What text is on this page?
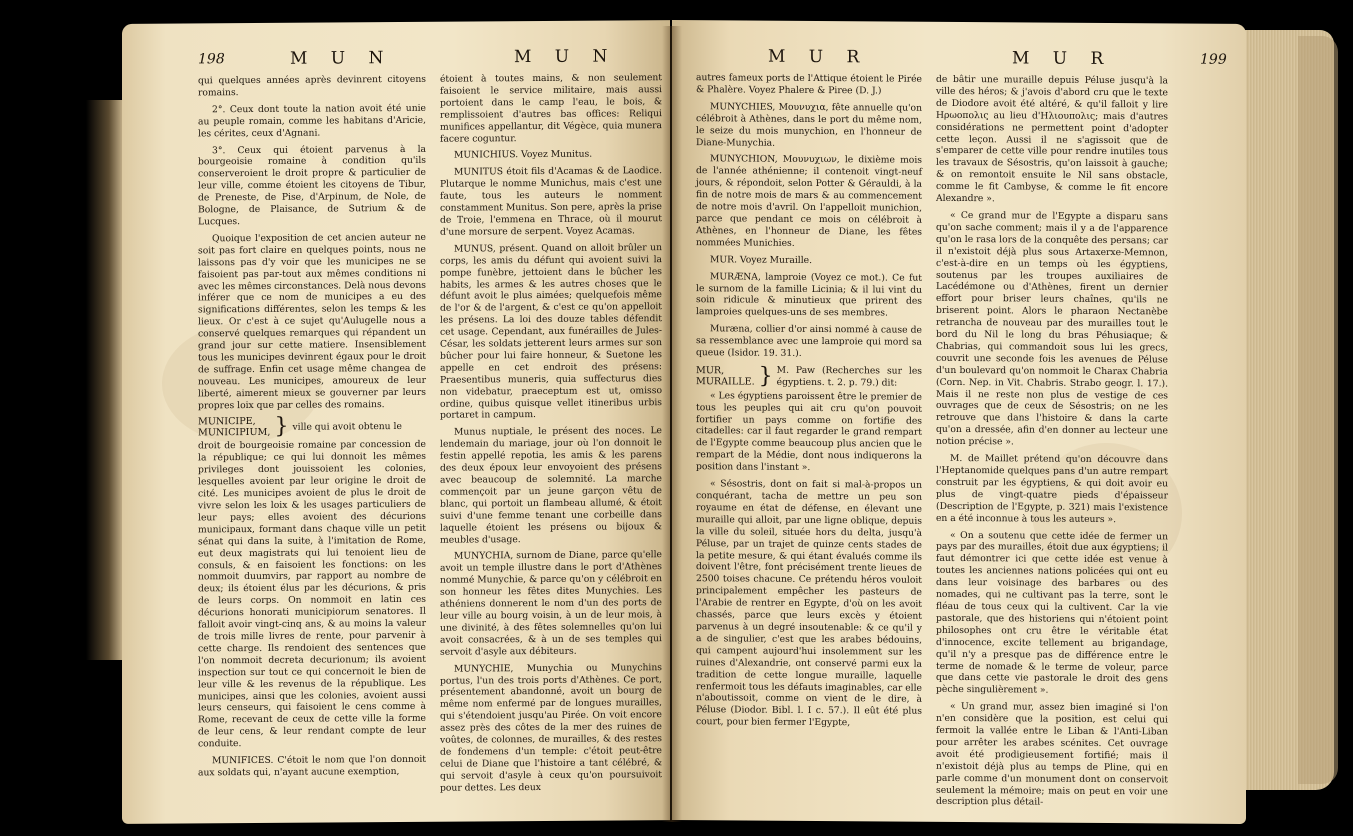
198	M U N	M U N

qui quelques années après devinrent citoyens romains.

2°. Ceux dont toute la nation avoit été unie au peuple romain, comme les habitans d'Aricie, les cérites, ceux d'Agnani.

3°. Ceux qui étoient parvenus à la bourgeoisie romaine à condition qu'ils conserveroient le droit propre & particulier de leur ville, comme étoient les citoyens de Tibur, de Preneste, de Pise, d'Arpinum, de Nole, de Bologne, de Plaisance, de Sutrium & de Lucques.

Quoique l'exposition de cet ancien auteur ne soit pas fort claire en quelques points, nous ne laissons pas d'y voir que les municipes ne se faisoient pas par-tout aux mêmes conditions ni avec les mêmes circonstances. Delà nous devons inférer que ce nom de municipes a eu des significations différentes, selon les temps & les lieux. Or c'est à ce sujet qu'Aulugelle nous a conservé quelques remarques qui répandent un grand jour sur cette matiere. Insensiblement tous les municipes devinrent égaux pour le droit de suffrage. Enfin cet usage même changea de nouveau. Les municipes, amoureux de leur liberté, aimerent mieux se gouverner par leurs propres loix que par celles des romains.

MUNICIPE,
MUNICIPIUM, } ville qui avoit obtenu le

droit de bourgeoisie romaine par concession de la république; ce qui lui donnoit les mêmes privileges dont jouissoient les colonies, lesquelles avoient par leur origine le droit de cité. Les municipes avoient de plus le droit de vivre selon les loix & les usages particuliers de leur pays; elles avoient des décurions municipaux, formant dans chaque ville un petit sénat qui dans la suite, à l'imitation de Rome, eut deux magistrats qui lui tenoient lieu de consuls, & en faisoient les fonctions: on les nommoit duumvirs, par rapport au nombre de deux; ils étoient élus par les décurions, & pris de leurs corps. On nommoit en latin ces décurions honorati municipiorum senatores. Il falloit avoir vingt-cinq ans, & au moins la valeur de trois mille livres de rente, pour parvenir à cette charge. Ils rendoient des sentences que l'on nommoit decreta decurionum; ils avoient inspection sur tout ce qui concernoit le bien de leur ville & les revenus de la république. Les municipes, ainsi que les colonies, avoient aussi leurs censeurs, qui faisoient le cens comme à Rome, recevant de ceux de cette ville la forme de leur cens, & leur rendant compte de leur conduite.

MUNIFICES. C'étoit le nom que l'on donnoit aux soldats qui, n'ayant aucune exemption,

étoient à toutes mains, & non seulement faisoient le service militaire, mais aussi portoient dans le camp l'eau, le bois, & remplissoient d'autres bas offices: Reliqui munifices appellantur, dit Végèce, quia munera facere coguntur.

MUNICHIUS. Voyez Munitus.

MUNITUS étoit fils d'Acamas & de Laodice. Plutarque le nomme Munichus, mais c'est une faute, tous les auteurs le nomment constamment Munitus. Son pere, après la prise de Troie, l'emmena en Thrace, où il mourut d'une morsure de serpent. Voyez Acamas.

MUNUS, présent. Quand on alloit brûler un corps, les amis du défunt qui avoient suivi la pompe funèbre, jettoient dans le bûcher les habits, les armes & les autres choses que le défunt avoit le plus aimées; quelquefois même de l'or & de l'argent, & c'est ce qu'on appelloit les présens. La loi des douze tables défendit cet usage. Cependant, aux funérailles de Jules-César, les soldats jetterent leurs armes sur son bûcher pour lui faire honneur, & Suetone les appelle en cet endroit des présens: Praesentibus muneris, quia suffecturus dies non videbatur, praeceptum est ut, omisso ordine, quibus quisque vellet itineribus urbis portaret in campum.

Munus nuptiale, le présent des noces. Le lendemain du mariage, jour où l'on donnoit le festin appellé repotia, les amis & les parens des deux époux leur envoyoient des présens avec beaucoup de solemnité. La marche commençoit par un jeune garçon vêtu de blanc, qui portoit un flambeau allumé, & étoit suivi d'une femme tenant une corbeille dans laquelle étoient les présens ou bijoux & meubles d'usage.

MUNYCHIA, surnom de Diane, parce qu'elle avoit un temple illustre dans le port d'Athènes nommé Munychie, & parce qu'on y célébroit en son honneur les fêtes dites Munychies. Les athéniens donnerent le nom d'un des ports de leur ville au bourg voisin, à un de leur mois, à une divinité, à des fêtes solemnelles qu'on lui avoit consacrées, & à un de ses temples qui servoit d'asyle aux débiteurs.

MUNYCHIE, Munychia ou Munychins portus, l'un des trois ports d'Athènes. Ce port, présentement abandonné, avoit un bourg de même nom enfermé par de longues murailles, qui s'étendoient jusqu'au Pirée. On voit encore assez près des côtes de la mer des ruines de voûtes, de colonnes, de murailles, & des restes de fondemens d'un temple: c'étoit peut-être celui de Diane que l'histoire a tant célébré, & qui servoit d'asyle à ceux qu'on poursuivoit pour dettes. Les deux

M U R	M U R	199

autres fameux ports de l'Attique étoient le Pirée & Phalère. Voyez Phalere & Piree (D. J.)

MUNYCHIES, Μουνυχια, fête annuelle qu'on célébroit à Athènes, dans le port du même nom, le seize du mois munychion, en l'honneur de Diane-Munychia.

MUNYCHION, Μουνυχιων, le dixième mois de l'année athénienne; il contenoit vingt-neuf jours, & répondoit, selon Potter & Gérauldi, à la fin de notre mois de mars & au commencement de notre mois d'avril. On l'appelloit munichion, parce que pendant ce mois on célébroit à Athènes, en l'honneur de Diane, les fêtes nommées Munichies.

MUR. Voyez Muraille.

MURÆNA, lamproie (Voyez ce mot.). Ce fut le surnom de la famille Licinia; & il lui vint du soin ridicule & minutieux que prirent des lamproies quelques-uns de ses membres.

Muræna, collier d'or ainsi nommé à cause de sa ressemblance avec une lamproie qui mord sa queue (Isidor. 19. 31.).

MUR,
MURAILLE. } M. Paw (Recherches sur les égyptiens. t. 2. p. 79.) dit:

« Les égyptiens paroissent être le premier de tous les peuples qui ait cru qu'on pouvoit fortifier un pays comme on fortifie des citadelles: car il faut regarder le grand rempart de l'Egypte comme beaucoup plus ancien que le rempart de la Médie, dont nous indiquerons la position dans l'instant ».

« Sésostris, dont on fait si mal-à-propos un conquérant, tacha de mettre un peu son royaume en état de défense, en élevant une muraille qui alloit, par une ligne oblique, depuis la ville du soleil, située hors du delta, jusqu'à Péluse, par un trajet de quinze cents stades de la petite mesure, & qui étant évalués comme ils doivent l'être, font précisément trente lieues de 2500 toises chacune. Ce prétendu héros vouloit principalement empêcher les pasteurs de l'Arabie de rentrer en Egypte, d'où on les avoit chassés, parce que leurs excès y étoient parvenus à un degré insoutenable: & ce qu'il y a de singulier, c'est que les arabes bédouins, qui campent aujourd'hui insolemment sur les ruines d'Alexandrie, ont conservé parmi eux la tradition de cette longue muraille, laquelle renfermoit tous les défauts imaginables, car elle n'aboutissoit, comme on vient de le dire, à Péluse (Diodor. Bibl. l. I c. 57.). Il eût été plus court, pour bien fermer l'Egypte,

de bâtir une muraille depuis Péluse jusqu'à la ville des héros; & j'avois d'abord cru que le texte de Diodore avoit été altéré, & qu'il falloit y lire Ηρωοπολις au lieu d'Ηλιουπολις; mais d'autres considérations ne permettent point d'adopter cette leçon. Aussi il ne s'agissoit que de s'emparer de cette ville pour rendre inutiles tous les travaux de Sésostris, qu'on laissoit à gauche; & on remontoit ensuite le Nil sans obstacle, comme le fit Cambyse, & comme le fit encore Alexandre ».

« Ce grand mur de l'Egypte a disparu sans qu'on sache comment; mais il y a de l'apparence qu'on le rasa lors de la conquête des persans; car il n'existoit déjà plus sous Artaxerxe-Memnon, c'est-à-dire en un temps où les égyptiens, soutenus par les troupes auxiliaires de Lacédémone ou d'Athènes, firent un dernier effort pour briser leurs chaînes, qu'ils ne briserent point. Alors le pharaon Nectanèbe retrancha de nouveau par des murailles tout le bord du Nil le long du bras Péhusiaque; & Chabrias, qui commandoit sous lui les grecs, couvrit une seconde fois les avenues de Péluse d'un boulevard qu'on nommoit le Charax Chabria (Corn. Nep. in Vit. Chabris. Strabo geogr. l. 17.). Mais il ne reste non plus de vestige de ces ouvrages que de ceux de Sésostris; on ne les retrouve que dans l'histoire & dans la carte qu'on a dressée, afin d'en donner au lecteur une notion précise ».

M. de Maillet prétend qu'on découvre dans l'Heptanomide quelques pans d'un autre rempart construit par les égyptiens, & qui doit avoir eu plus de vingt-quatre pieds d'épaisseur (Description de l'Egypte, p. 321) mais l'existence en a été inconnue à tous les auteurs ».

« On a soutenu que cette idée de fermer un pays par des murailles, étoit due aux égyptiens; il faut démontrer ici que cette idée est venue à toutes les anciennes nations policées qui ont eu dans leur voisinage des barbares ou des nomades, qui ne cultivant pas la terre, sont le fléau de tous ceux qui la cultivent. Car la vie pastorale, que des historiens qui n'étoient point philosophes ont cru être le véritable état d'innocence, excite tellement au brigandage, qu'il n'y a presque pas de différence entre le terme de nomade & le terme de voleur, parce que dans cette vie pastorale le droit des gens pèche singulièrement ».

« Un grand mur, assez bien imaginé si l'on n'en considère que la position, est celui qui fermoit la vallée entre le Liban & l'Anti-Liban pour arrêter les arabes scénites. Cet ouvrage avoit été prodigieusement fortifié; mais il n'existoit déjà plus au temps de Pline, qui en parle comme d'un monument dont on conservoit seulement la mémoire; mais on peut en voir une description plus détail-
